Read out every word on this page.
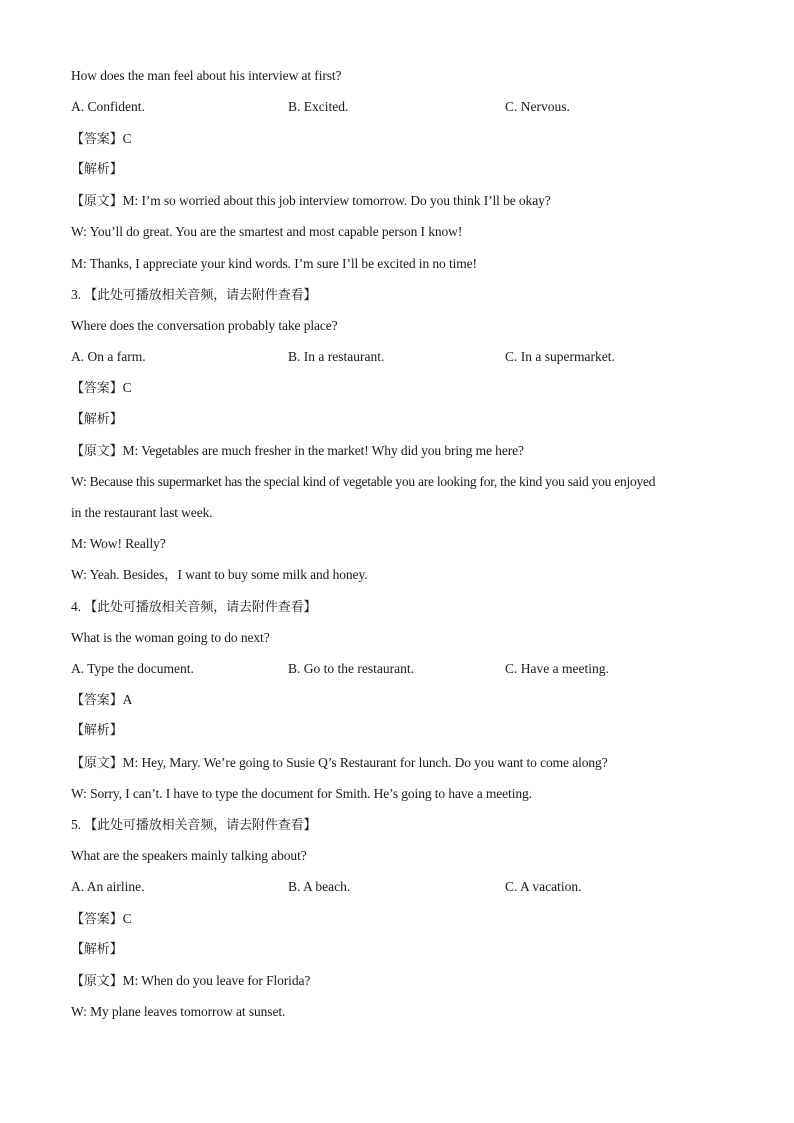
How does the man feel about his interview at first?
A. Confident.	B. Excited.	C. Nervous.
【答案】C
【解析】
【原文】M: I’m so worried about this job interview tomorrow. Do you think I’ll be okay?
W: You’ll do great. You are the smartest and most capable person I know!
M: Thanks, I appreciate your kind words. I’m sure I’ll be excited in no time!
3. 【此处可播放相关音频，请去附件查看】
Where does the conversation probably take place?
A. On a farm.	B. In a restaurant.	C. In a supermarket.
【答案】C
【解析】
【原文】M: Vegetables are much fresher in the market! Why did you bring me here?
W: Because this supermarket has the special kind of vegetable you are looking for, the kind you said you enjoyed
in the restaurant last week.
M: Wow! Really?
W: Yeah. Besides，I want to buy some milk and honey.
4. 【此处可播放相关音频，请去附件查看】
What is the woman going to do next?
A. Type the document.	B. Go to the restaurant.	C. Have a meeting.
【答案】A
【解析】
【原文】M: Hey, Mary. We’re going to Susie Q’s Restaurant for lunch. Do you want to come along?
W: Sorry, I can’t. I have to type the document for Smith. He’s going to have a meeting.
5. 【此处可播放相关音频，请去附件查看】
What are the speakers mainly talking about?
A. An airline.	B. A beach.	C. A vacation.
【答案】C
【解析】
【原文】M: When do you leave for Florida?
W: My plane leaves tomorrow at sunset.
